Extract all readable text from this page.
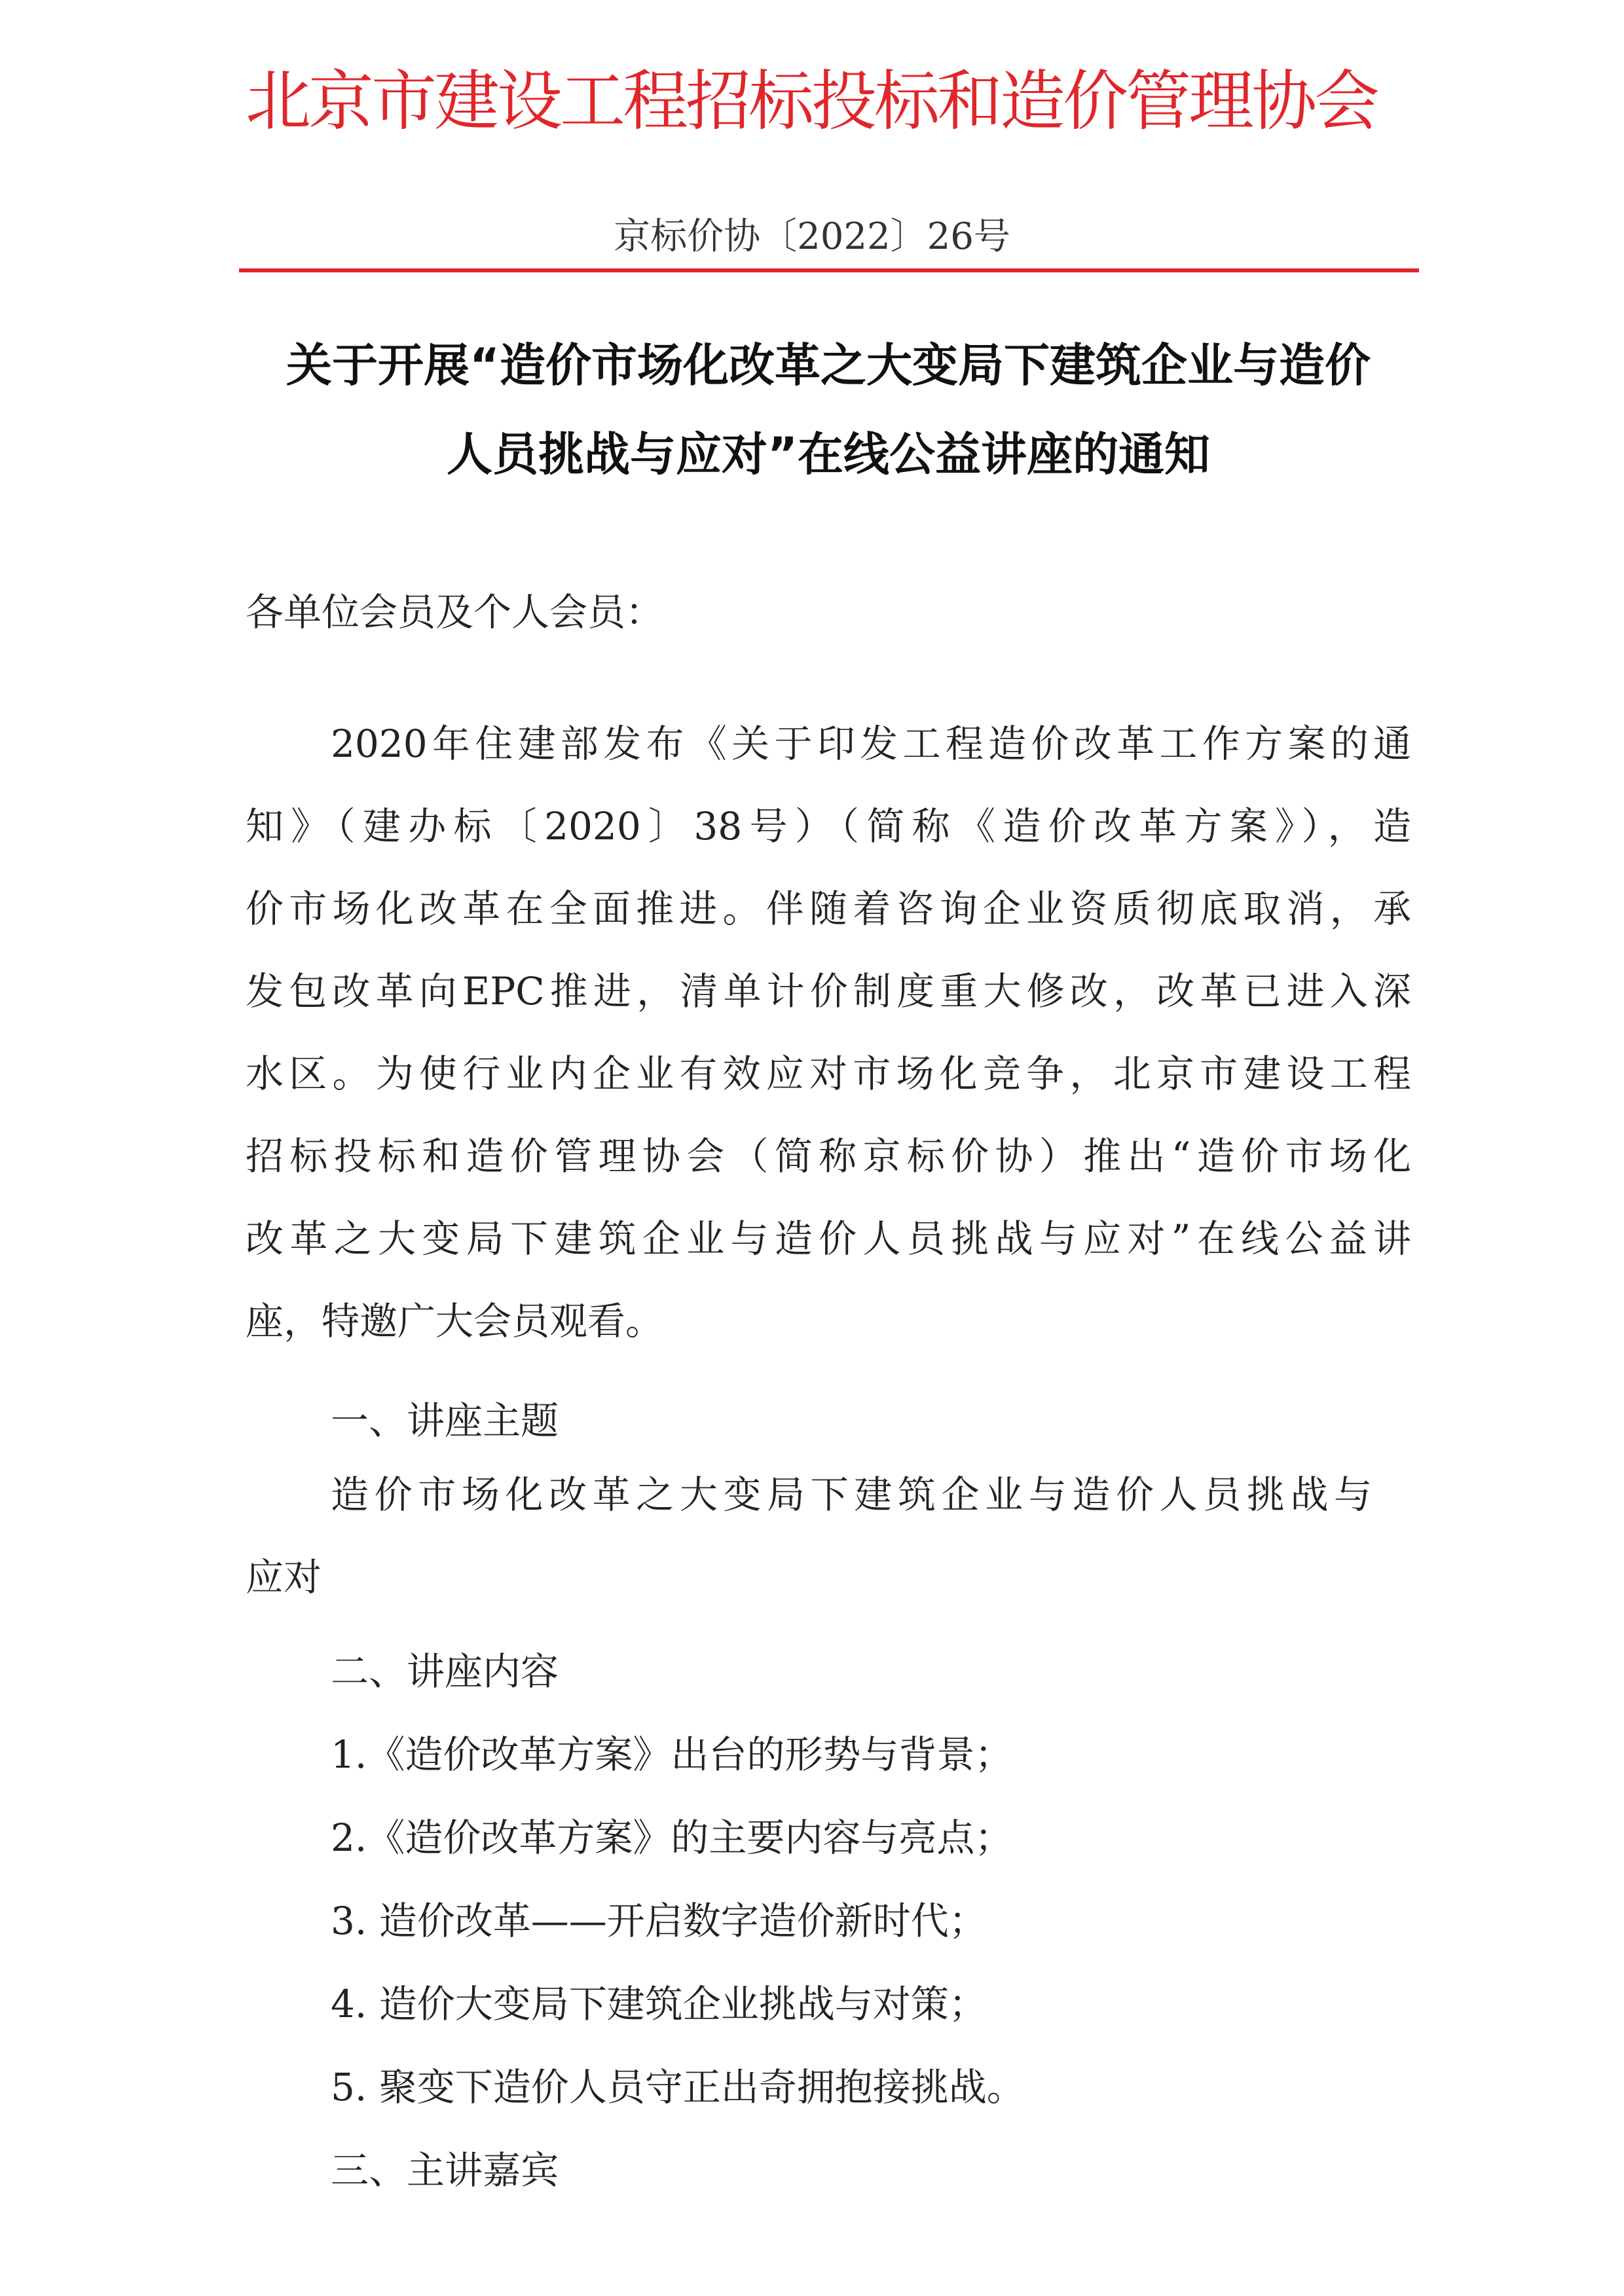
北京市建设工程招标投标和造价管理协会
京标价协〔2022〕26号
关于开展“造价市场化改革之大变局下建筑企业与造价
人员挑战与应对”在线公益讲座的通知
各单位会员及个人会员：
2020年住建部发布《关于印发工程造价改革工作方案的通
知》（建办标〔2020〕38号）（简称《造价改革方案》），造
价市场化改革在全面推进。伴随着咨询企业资质彻底取消，承
发包改革向EPC推进，清单计价制度重大修改，改革已进入深
水区。为使行业内企业有效应对市场化竞争，北京市建设工程
招标投标和造价管理协会（简称京标价协）推出“造价市场化
改革之大变局下建筑企业与造价人员挑战与应对”在线公益讲
座，特邀广大会员观看。
一、讲座主题
造价市场化改革之大变局下建筑企业与造价人员挑战与
应对
二、讲座内容
1.《造价改革方案》出台的形势与背景；
2.《造价改革方案》的主要内容与亮点；
3. 造价改革——开启数字造价新时代；
4. 造价大变局下建筑企业挑战与对策；
5. 聚变下造价人员守正出奇拥抱接挑战。
三、主讲嘉宾
